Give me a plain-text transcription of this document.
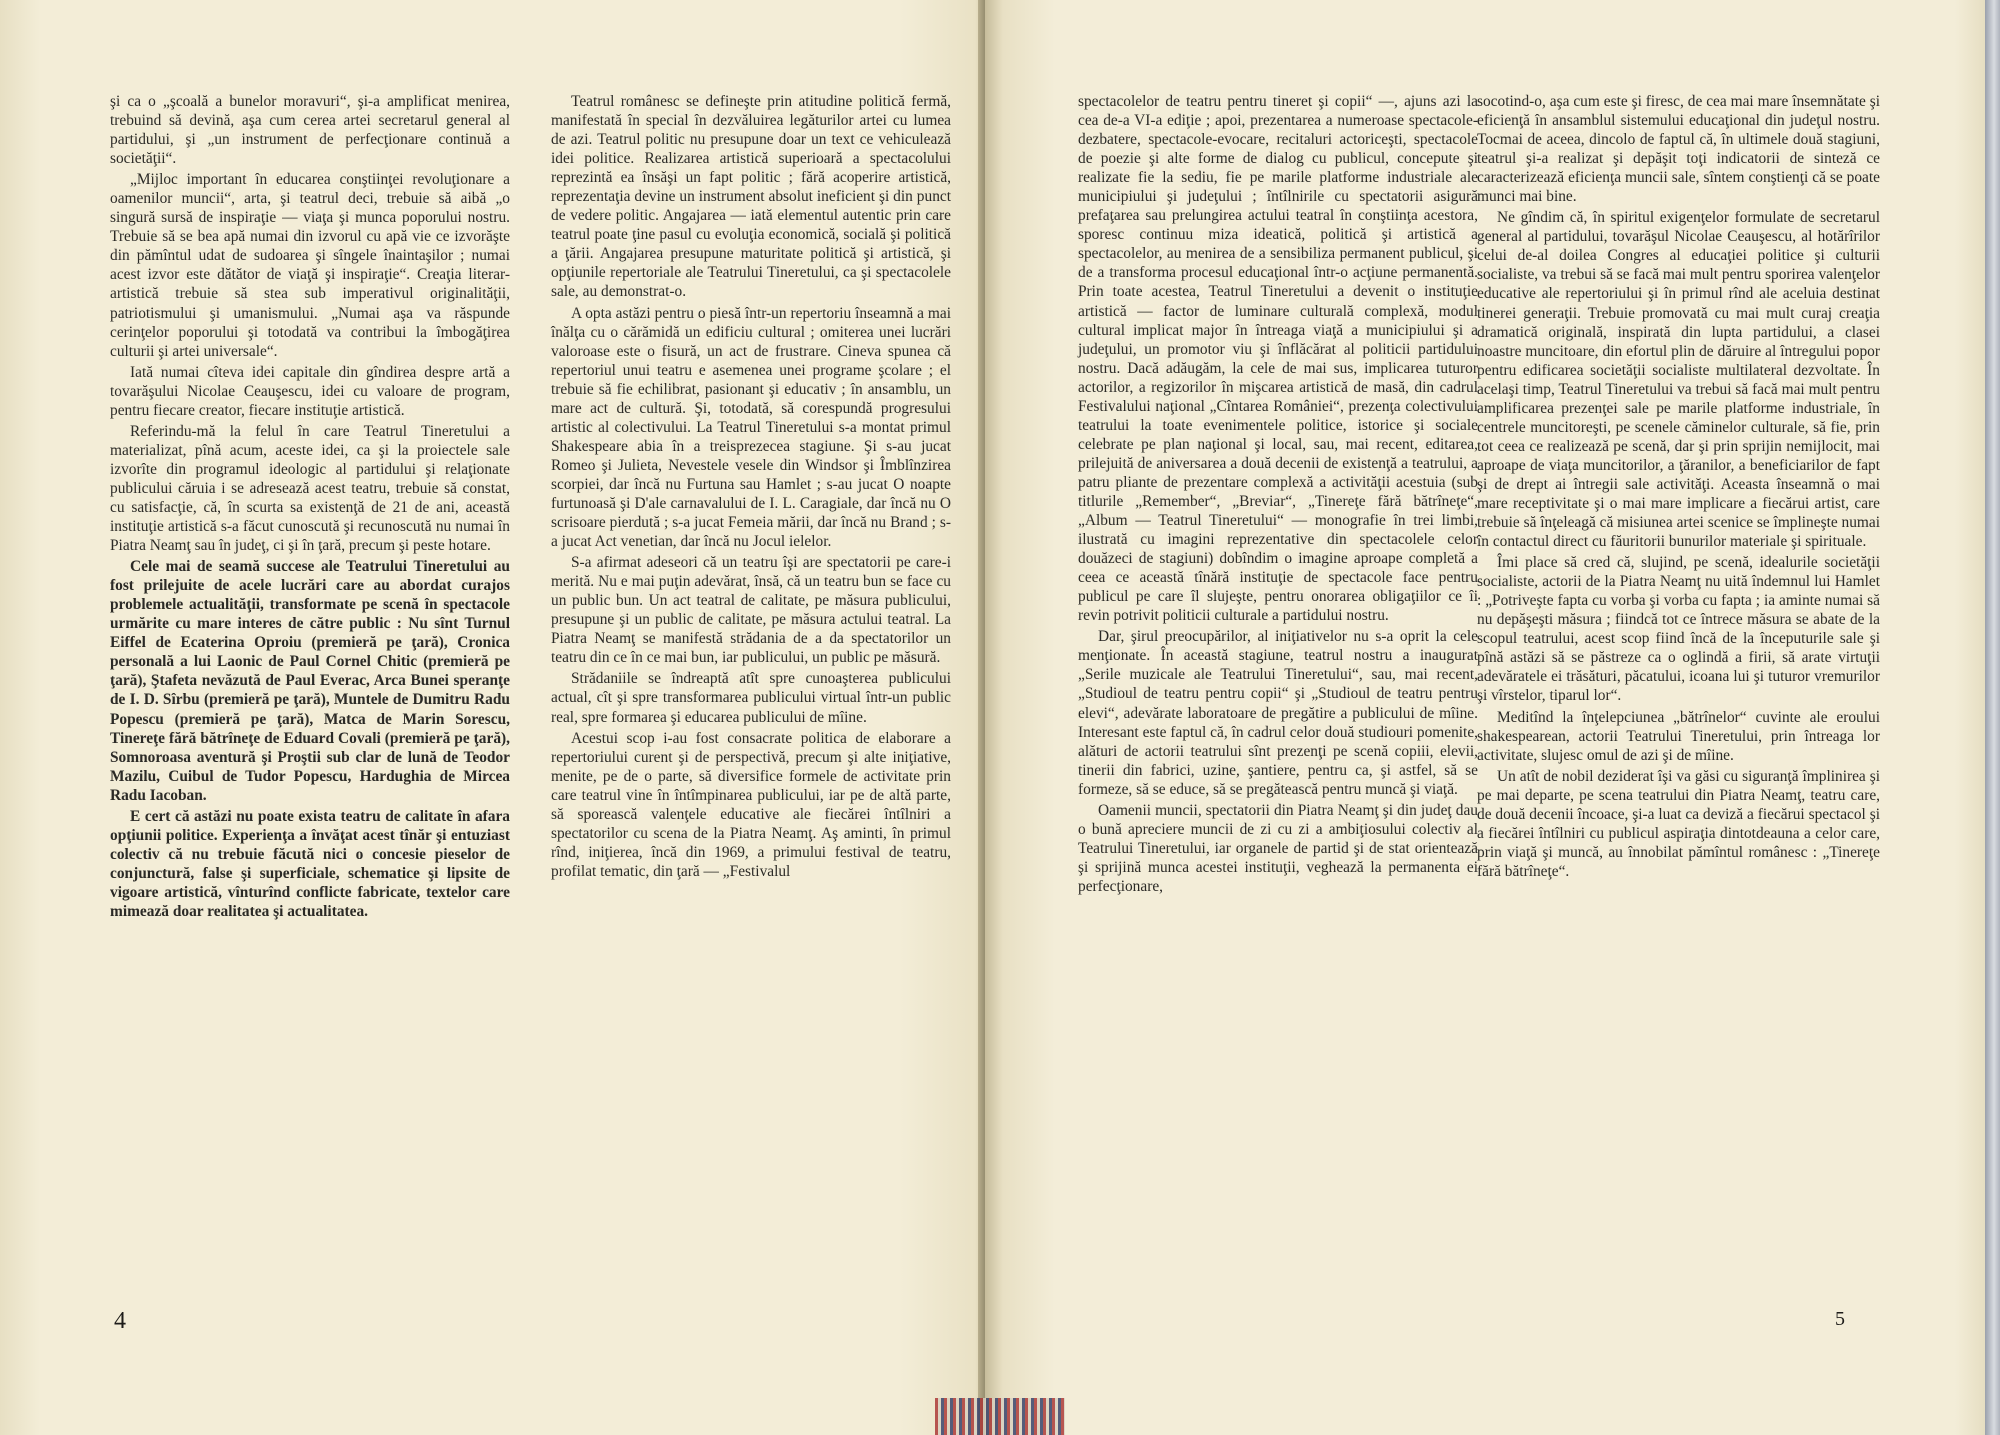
şi ca o „şcoală a bunelor moravuri“, şi-a amplificat menirea, trebuind să devină, aşa cum cerea artei secretarul general al partidului, şi „un instrument de perfecţionare continuă a societăţii“.

„Mijloc important în educarea conştiinţei revoluţionare a oamenilor muncii“, arta, şi teatrul deci, trebuie să aibă „o singură sursă de inspiraţie — viaţa şi munca poporului nostru. Trebuie să se bea apă numai din izvorul cu apă vie ce izvorăşte din pămîntul udat de sudoarea şi sîngele înaintaşilor ; numai acest izvor este dătător de viaţă şi inspiraţie“. Creaţia literar-artistică trebuie să stea sub imperativul originalităţii, patriotismului şi umanismului. „Numai aşa va răspunde cerinţelor poporului şi totodată va contribui la îmbogăţirea culturii şi artei universale“.

Iată numai cîteva idei capitale din gîndirea despre artă a tovarăşului Nicolae Ceauşescu, idei cu valoare de program, pentru fiecare creator, fiecare instituţie artistică.

Referindu-mă la felul în care Teatrul Tineretului a materializat, pînă acum, aceste idei, ca şi la proiectele sale izvorîte din programul ideologic al partidului şi relaţionate publicului căruia i se adresează acest teatru, trebuie să constat, cu satisfacţie, că, în scurta sa existenţă de 21 de ani, această instituţie artistică s-a făcut cunoscută şi recunoscută nu numai în Piatra Neamţ sau în judeţ, ci şi în ţară, precum şi peste hotare.

Cele mai de seamă succese ale Teatrului Tineretului au fost prilejuite de acele lucrări care au abordat curajos problemele actualităţii, transformate pe scenă în spectacole urmărite cu mare interes de către public : Nu sînt Turnul Eiffel de Ecaterina Oproiu (premieră pe ţară), Cronica personală a lui Laonic de Paul Cornel Chitic (premieră pe ţară), Ştafeta nevăzută de Paul Everac, Arca Bunei speranţe de I. D. Sîrbu (premieră pe ţară), Muntele de Dumitru Radu Popescu (premieră pe ţară), Matca de Marin Sorescu, Tinereţe fără bătrîneţe de Eduard Covali (premieră pe ţară), Somnoroasa aventură şi Proştii sub clar de lună de Teodor Mazilu, Cuibul de Tudor Popescu, Hardughia de Mircea Radu Iacoban.

E cert că astăzi nu poate exista teatru de calitate în afara opţiunii politice. Experienţa a învăţat acest tînăr şi entuziast colectiv că nu trebuie făcută nici o concesie pieselor de conjunctură, false şi superficiale, schematice şi lipsite de vigoare artistică, vînturînd conflicte fabricate, textelor care mimează doar realitatea şi actualitatea.

Teatrul românesc se defineşte prin atitudine politică fermă, manifestată în special în dezvăluirea legăturilor artei cu lumea de azi. Teatrul politic nu presupune doar un text ce vehiculează idei politice. Realizarea artistică superioară a spectacolului reprezintă ea însăşi un fapt politic ; fără acoperire artistică, reprezentaţia devine un instrument absolut ineficient şi din punct de vedere politic. Angajarea — iată elementul autentic prin care teatrul poate ţine pasul cu evoluţia economică, socială şi politică a ţării. Angajarea presupune maturitate politică şi artistică, şi opţiunile repertoriale ale Teatrului Tineretului, ca şi spectacolele sale, au demonstrat-o.

A opta astăzi pentru o piesă într-un repertoriu înseamnă a mai înălţa cu o cărămidă un edificiu cultural ; omiterea unei lucrări valoroase este o fisură, un act de frustrare. Cineva spunea că repertoriul unui teatru e asemenea unei programe şcolare ; el trebuie să fie echilibrat, pasionant şi educativ ; în ansamblu, un mare act de cultură. Şi, totodată, să corespundă progresului artistic al colectivului. La Teatrul Tineretului s-a montat primul Shakespeare abia în a treisprezecea stagiune. Şi s-au jucat Romeo şi Julieta, Nevestele vesele din Windsor şi Îmblînzirea scorpiei, dar încă nu Furtuna sau Hamlet ; s-au jucat O noapte furtunoasă şi D'ale carnavalului de I. L. Caragiale, dar încă nu O scrisoare pierdută ; s-a jucat Femeia mării, dar încă nu Brand ; s-a jucat Act venetian, dar încă nu Jocul ielelor.

S-a afirmat adeseori că un teatru îşi are spectatorii pe care-i merită. Nu e mai puţin adevărat, însă, că un teatru bun se face cu un public bun. Un act teatral de calitate, pe măsura publicului, presupune şi un public de calitate, pe măsura actului teatral. La Piatra Neamţ se manifestă strădania de a da spectatorilor un teatru din ce în ce mai bun, iar publicului, un public pe măsură.

Strădaniile se îndreaptă atît spre cunoaşterea publicului actual, cît şi spre transformarea publicului virtual într-un public real, spre formarea şi educarea publicului de mîine.

Acestui scop i-au fost consacrate politica de elaborare a repertoriului curent şi de perspectivă, precum şi alte iniţiative, menite, pe de o parte, să diversifice formele de activitate prin care teatrul vine în întîmpinarea publicului, iar pe de altă parte, să sporească valenţele educative ale fiecărei întîlniri a spectatorilor cu scena de la Piatra Neamţ. Aş aminti, în primul rînd, iniţierea, încă din 1969, a primului festival de teatru, profilat tematic, din ţară — „Festivalul

4

spectacolelor de teatru pentru tineret şi copii“ —, ajuns azi la cea de-a VI-a ediţie ; apoi, prezentarea a numeroase spectacole-dezbatere, spectacole-evocare, recitaluri actoriceşti, spectacole de poezie şi alte forme de dialog cu publicul, concepute şi realizate fie la sediu, fie pe marile platforme industriale ale municipiului şi judeţului ; întîlnirile cu spectatorii asigură prefaţarea sau prelungirea actului teatral în conştiinţa acestora, sporesc continuu miza ideatică, politică şi artistică a spectacolelor, au menirea de a sensibiliza permanent publicul, şi de a transforma procesul educaţional într-o acţiune permanentă. Prin toate acestea, Teatrul Tineretului a devenit o instituţie artistică — factor de luminare culturală complexă, modul cultural implicat major în întreaga viaţă a municipiului şi a judeţului, un promotor viu şi înflăcărat al politicii partidului nostru. Dacă adăugăm, la cele de mai sus, implicarea tuturor actorilor, a regizorilor în mişcarea artistică de masă, din cadrul Festivalului naţional „Cîntarea României“, prezenţa colectivului teatrului la toate evenimentele politice, istorice şi sociale celebrate pe plan naţional şi local, sau, mai recent, editarea, prilejuită de aniversarea a două decenii de existenţă a teatrului, a patru pliante de prezentare complexă a activităţii acestuia (sub titlurile „Remember“, „Breviar“, „Tinereţe fără bătrîneţe“, „Album — Teatrul Tineretului“ — monografie în trei limbi, ilustrată cu imagini reprezentative din spectacolele celor douăzeci de stagiuni) dobîndim o imagine aproape completă a ceea ce această tînără instituţie de spectacole face pentru publicul pe care îl slujeşte, pentru onorarea obligaţiilor ce îi revin potrivit politicii culturale a partidului nostru.

Dar, şirul preocupărilor, al iniţiativelor nu s-a oprit la cele menţionate. În această stagiune, teatrul nostru a inaugurat „Serile muzicale ale Teatrului Tineretului“, sau, mai recent, „Studioul de teatru pentru copii“ şi „Studioul de teatru pentru elevi“, adevărate laboratoare de pregătire a publicului de mîine. Interesant este faptul că, în cadrul celor două studiouri pomenite, alături de actorii teatrului sînt prezenţi pe scenă copiii, elevii, tinerii din fabrici, uzine, şantiere, pentru ca, şi astfel, să se formeze, să se educe, să se pregătească pentru muncă şi viaţă.

Oamenii muncii, spectatorii din Piatra Neamţ şi din judeţ dau o bună apreciere muncii de zi cu zi a ambiţiosului colectiv al Teatrului Tineretului, iar organele de partid şi de stat orientează şi sprijină munca acestei instituţii, veghează la permanenta ei perfecţionare,

socotind-o, aşa cum este şi firesc, de cea mai mare însemnătate şi eficienţă în ansamblul sistemului educaţional din judeţul nostru. Tocmai de aceea, dincolo de faptul că, în ultimele două stagiuni, teatrul şi-a realizat şi depăşit toţi indicatorii de sinteză ce caracterizează eficienţa muncii sale, sîntem conştienţi că se poate munci mai bine.

Ne gîndim că, în spiritul exigenţelor formulate de secretarul general al partidului, tovarăşul Nicolae Ceauşescu, al hotărîrilor celui de-al doilea Congres al educaţiei politice şi culturii socialiste, va trebui să se facă mai mult pentru sporirea valenţelor educative ale repertoriului şi în primul rînd ale aceluia destinat tinerei generaţii. Trebuie promovată cu mai mult curaj creaţia dramatică originală, inspirată din lupta partidului, a clasei noastre muncitoare, din efortul plin de dăruire al întregului popor pentru edificarea societăţii socialiste multilateral dezvoltate. În acelaşi timp, Teatrul Tineretului va trebui să facă mai mult pentru amplificarea prezenţei sale pe marile platforme industriale, în centrele muncitoreşti, pe scenele căminelor culturale, să fie, prin tot ceea ce realizează pe scenă, dar şi prin sprijin nemijlocit, mai aproape de viaţa muncitorilor, a ţăranilor, a beneficiarilor de fapt şi de drept ai întregii sale activităţi. Aceasta înseamnă o mai mare receptivitate şi o mai mare implicare a fiecărui artist, care trebuie să înţeleagă că misiunea artei scenice se împlineşte numai în contactul direct cu făuritorii bunurilor materiale şi spirituale.

Îmi place să cred că, slujind, pe scenă, idealurile societăţii socialiste, actorii de la Piatra Neamţ nu uită îndemnul lui Hamlet : „Potriveşte fapta cu vorba şi vorba cu fapta ; ia aminte numai să nu depăşeşti măsura ; fiindcă tot ce întrece măsura se abate de la scopul teatrului, acest scop fiind încă de la începuturile sale şi pînă astăzi să se păstreze ca o oglindă a firii, să arate virtuţii adevăratele ei trăsături, păcatului, icoana lui şi tuturor vremurilor şi vîrstelor, tiparul lor“.

Meditînd la înţelepciunea „bătrînelor“ cuvinte ale eroului shakespearean, actorii Teatrului Tineretului, prin întreaga lor activitate, slujesc omul de azi şi de mîine.

Un atît de nobil deziderat îşi va găsi cu siguranţă împlinirea şi pe mai departe, pe scena teatrului din Piatra Neamţ, teatru care, de două decenii încoace, şi-a luat ca deviză a fiecărui spectacol şi a fiecărei întîlniri cu publicul aspiraţia dintotdeauna a celor care, prin viaţă şi muncă, au înnobilat pămîntul românesc : „Tinereţe fără bătrîneţe“.

5
